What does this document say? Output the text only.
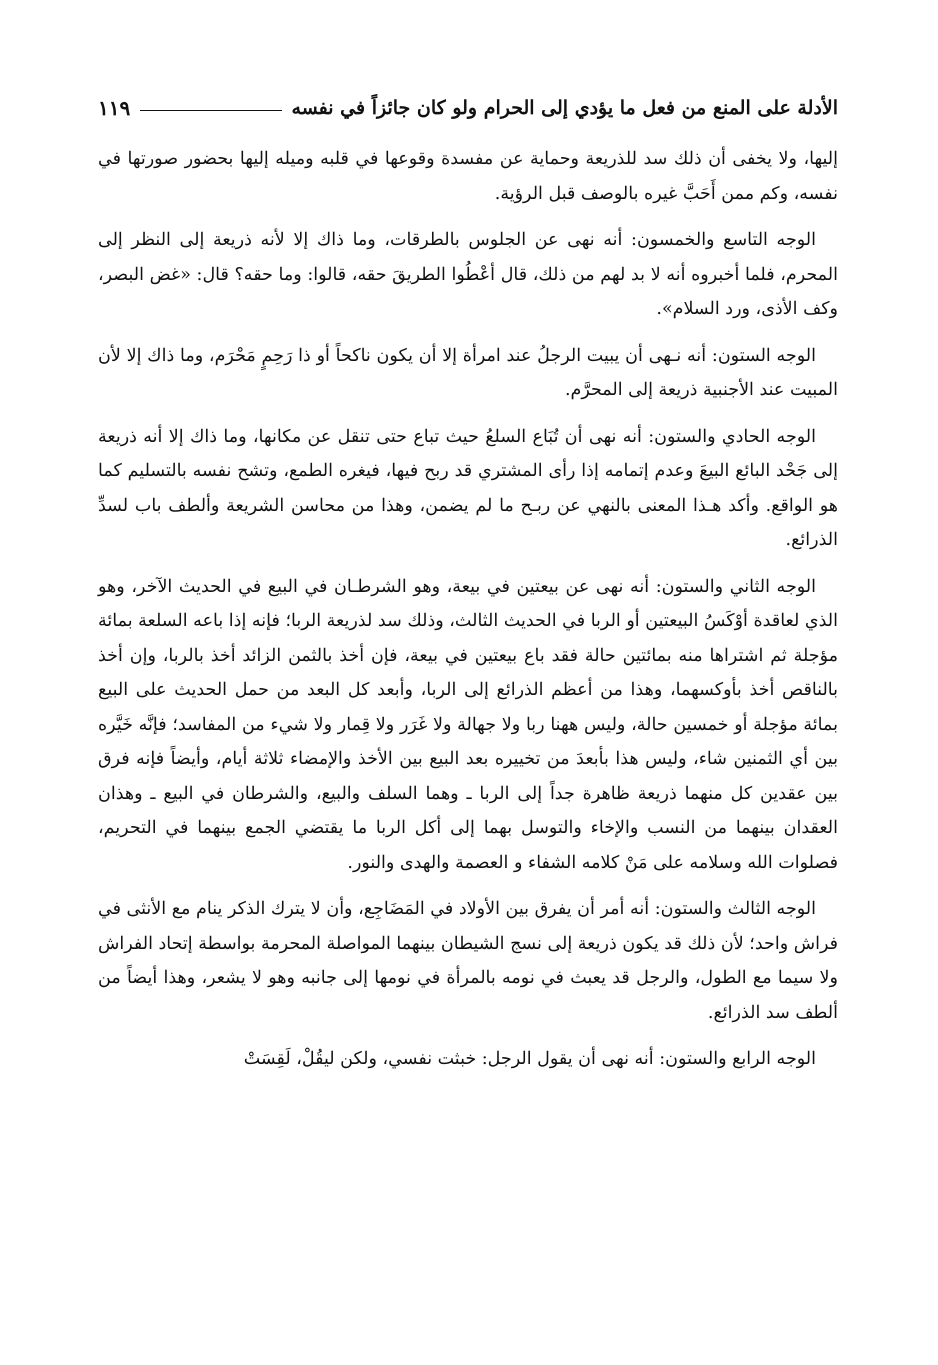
الأدلة على المنع من فعل ما يؤدي إلى الحرام ولو كان جائزاً في نفسه
١١٩

إليها، ولا يخفى أن ذلك سد للذريعة وحماية عن مفسدة وقوعها في قلبه وميله إليها بحضور صورتها في نفسه، وكم ممن أَحَبَّ غيره بالوصف قبل الرؤية.

الوجه التاسع والخمسون: أنه نهى عن الجلوس بالطرقات، وما ذاك إلا لأنه ذريعة إلى النظر إلى المحرم، فلما أخبروه أنه لا بد لهم من ذلك، قال أعْطُوا الطريقَ حقه، قالوا: وما حقه؟ قال: «غض البصر، وكف الأذى، ورد السلام».

الوجه الستون: أنه نـهى أن يبيت الرجلُ عند امرأة إلا أن يكون ناكحاً أو ذا رَحِمٍ مَحْرَم، وما ذاك إلا لأن المبيت عند الأجنبية ذريعة إلى المحرَّم.

الوجه الحادي والستون: أنه نهى أن تُبَاع السلعُ حيث تباع حتى تنقل عن مكانها، وما ذاك إلا أنه ذريعة إلى جَحْد البائع البيعَ وعدم إتمامه إذا رأى المشتري قد ربح فيها، فيغره الطمع، وتشح نفسه بالتسليم كما هو الواقع. وأكد هـذا المعنى بالنهي عن ربـح ما لم يضمن، وهذا من محاسن الشريعة وألطف باب لسدِّ الذرائع.

الوجه الثاني والستون: أنه نهى عن بيعتين في بيعة، وهو الشرطـان في البيع في الحديث الآخر، وهو الذي لعاقدة أوْكَسُ البيعتين أو الربا في الحديث الثالث، وذلك سد لذريعة الربا؛ فإنه إذا باعه السلعة بمائة مؤجلة ثم اشتراها منه بمائتين حالة فقد باع بيعتين في بيعة، فإن أخذ بالثمن الزائد أخذ بالربا، وإن أخذ بالناقص أخذ بأوكسهما، وهذا من أعظم الذرائع إلى الربا، وأبعد كل البعد من حمل الحديث على البيع بمائة مؤجلة أو خمسين حالة، وليس ههنا ربا ولا جهالة ولا غَرَر ولا قِمار ولا شيء من المفاسد؛ فإنَّه خَيَّره بين أي الثمنين شاء، وليس هذا بأبعدَ من تخييره بعد البيع بين الأخذ والإمضاء ثلاثة أيام، وأيضاً فإنه فرق بين عقدين كل منهما ذريعة ظاهرة جداً إلى الربا ـ وهما السلف والبيع، والشرطان في البيع ـ وهذان العقدان بينهما من النسب والإخاء والتوسل بهما إلى أكل الربا ما يقتضي الجمع بينهما في التحريم، فصلوات الله وسلامه على مَنْ كلامه الشفاء و العصمة والهدى والنور.

الوجه الثالث والستون: أنه أمر أن يفرق بين الأولاد في المَضَاجِع، وأن لا يترك الذكر ينام مع الأنثى في فراش واحد؛ لأن ذلك قد يكون ذريعة إلى نسج الشيطان بينهما المواصلة المحرمة بواسطة إتحاد الفراش ولا سيما مع الطول، والرجل قد يعبث في نومه بالمرأة في نومها إلى جانبه وهو لا يشعر، وهذا أيضاً من ألطف سد الذرائع.

الوجه الرابع والستون: أنه نهى أن يقول الرجل: خبثت نفسي، ولكن ليقُلْ، لَقِسَتْ
